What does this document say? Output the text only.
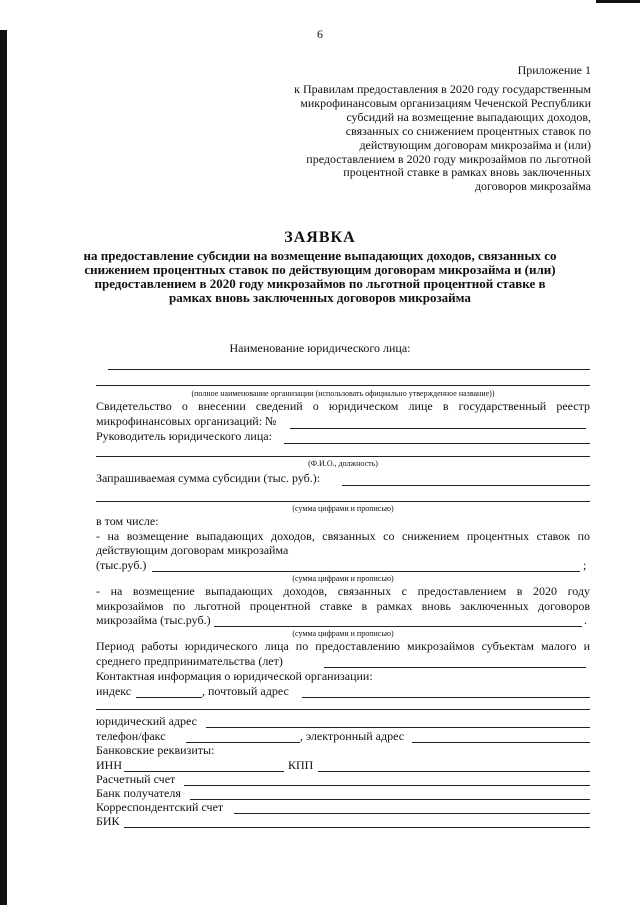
6
Приложение 1
к Правилам предоставления в 2020 году государственным микрофинансовым организациям Чеченской Республики субсидий на возмещение выпадающих доходов, связанных со снижением процентных ставок по действующим договорам микрозайма и (или) предоставлением в 2020 году микрозаймов по льготной процентной ставке в рамках вновь заключенных договоров микрозайма
ЗАЯВКА
на предоставление субсидии на возмещение выпадающих доходов, связанных со снижением процентных ставок по действующим договорам микрозайма и (или) предоставлением в 2020 году микрозаймов по льготной процентной ставке в рамках вновь заключенных договоров микрозайма
Наименование юридического лица:
(полное наименование организации (использовать официально утвержденное название))
Свидетельство о внесении сведений о юридическом лице в государственный реестр
микрофинансовых организаций: №
Руководитель юридического лица:
(Ф.И.О., должность)
Запрашиваемая сумма субсидии (тыс. руб.):
(сумма цифрами и прописью)
в том числе:
- на возмещение выпадающих доходов, связанных со снижением процентных ставок по
действующим договорам микрозайма
(тыс.руб.)	;
(сумма цифрами и прописью)
- на возмещение выпадающих доходов, связанных с предоставлением в 2020 году
микрозаймов по льготной процентной ставке в рамках вновь заключенных договоров
микрозайма (тыс.руб.)	.
(сумма цифрами и прописью)
Период работы юридического лица по предоставлению микрозаймов субъектам малого и
среднего предпринимательства (лет)
Контактная информация о юридической организации:
индекс	, почтовый адрес
юридический адрес
телефон/факс	, электронный адрес
Банковские реквизиты:
ИНН	КПП
Расчетный счет
Банк получателя
Корреспондентский счет
БИК
